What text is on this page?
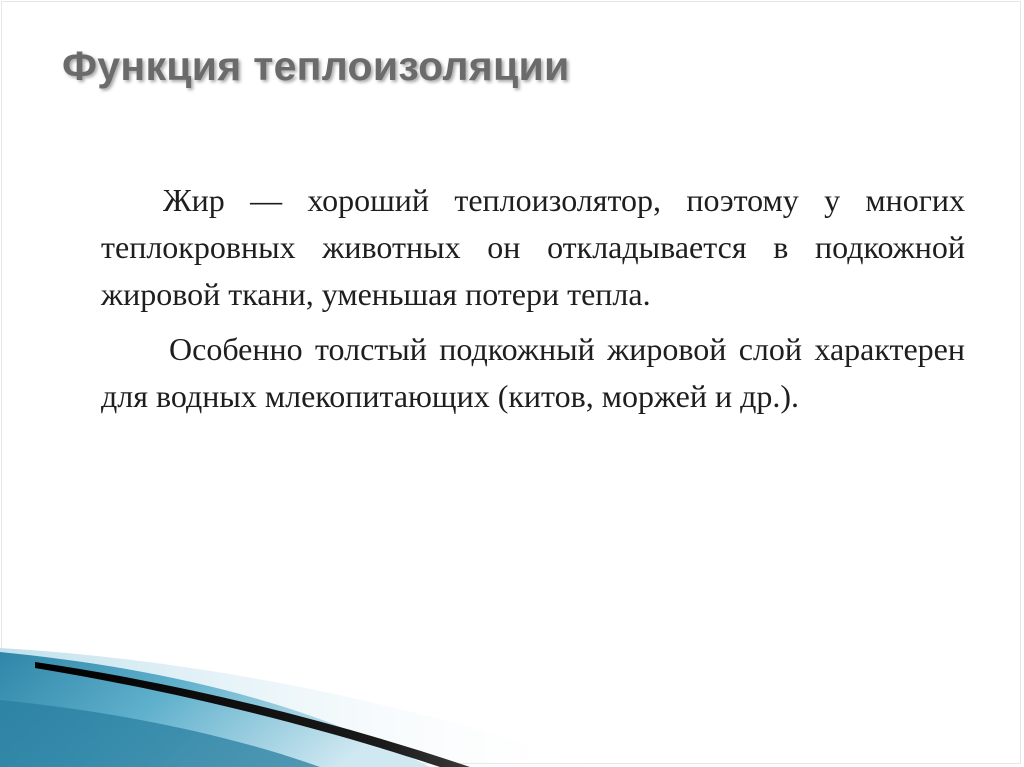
Функция теплоизоляции

Жир — хороший теплоизолятор, поэтому у многих теплокровных животных он откладывается в подкожной жировой ткани, уменьшая потери тепла.

Особенно толстый подкожный жировой слой характерен для водных млекопитающих (китов, моржей и др.).
